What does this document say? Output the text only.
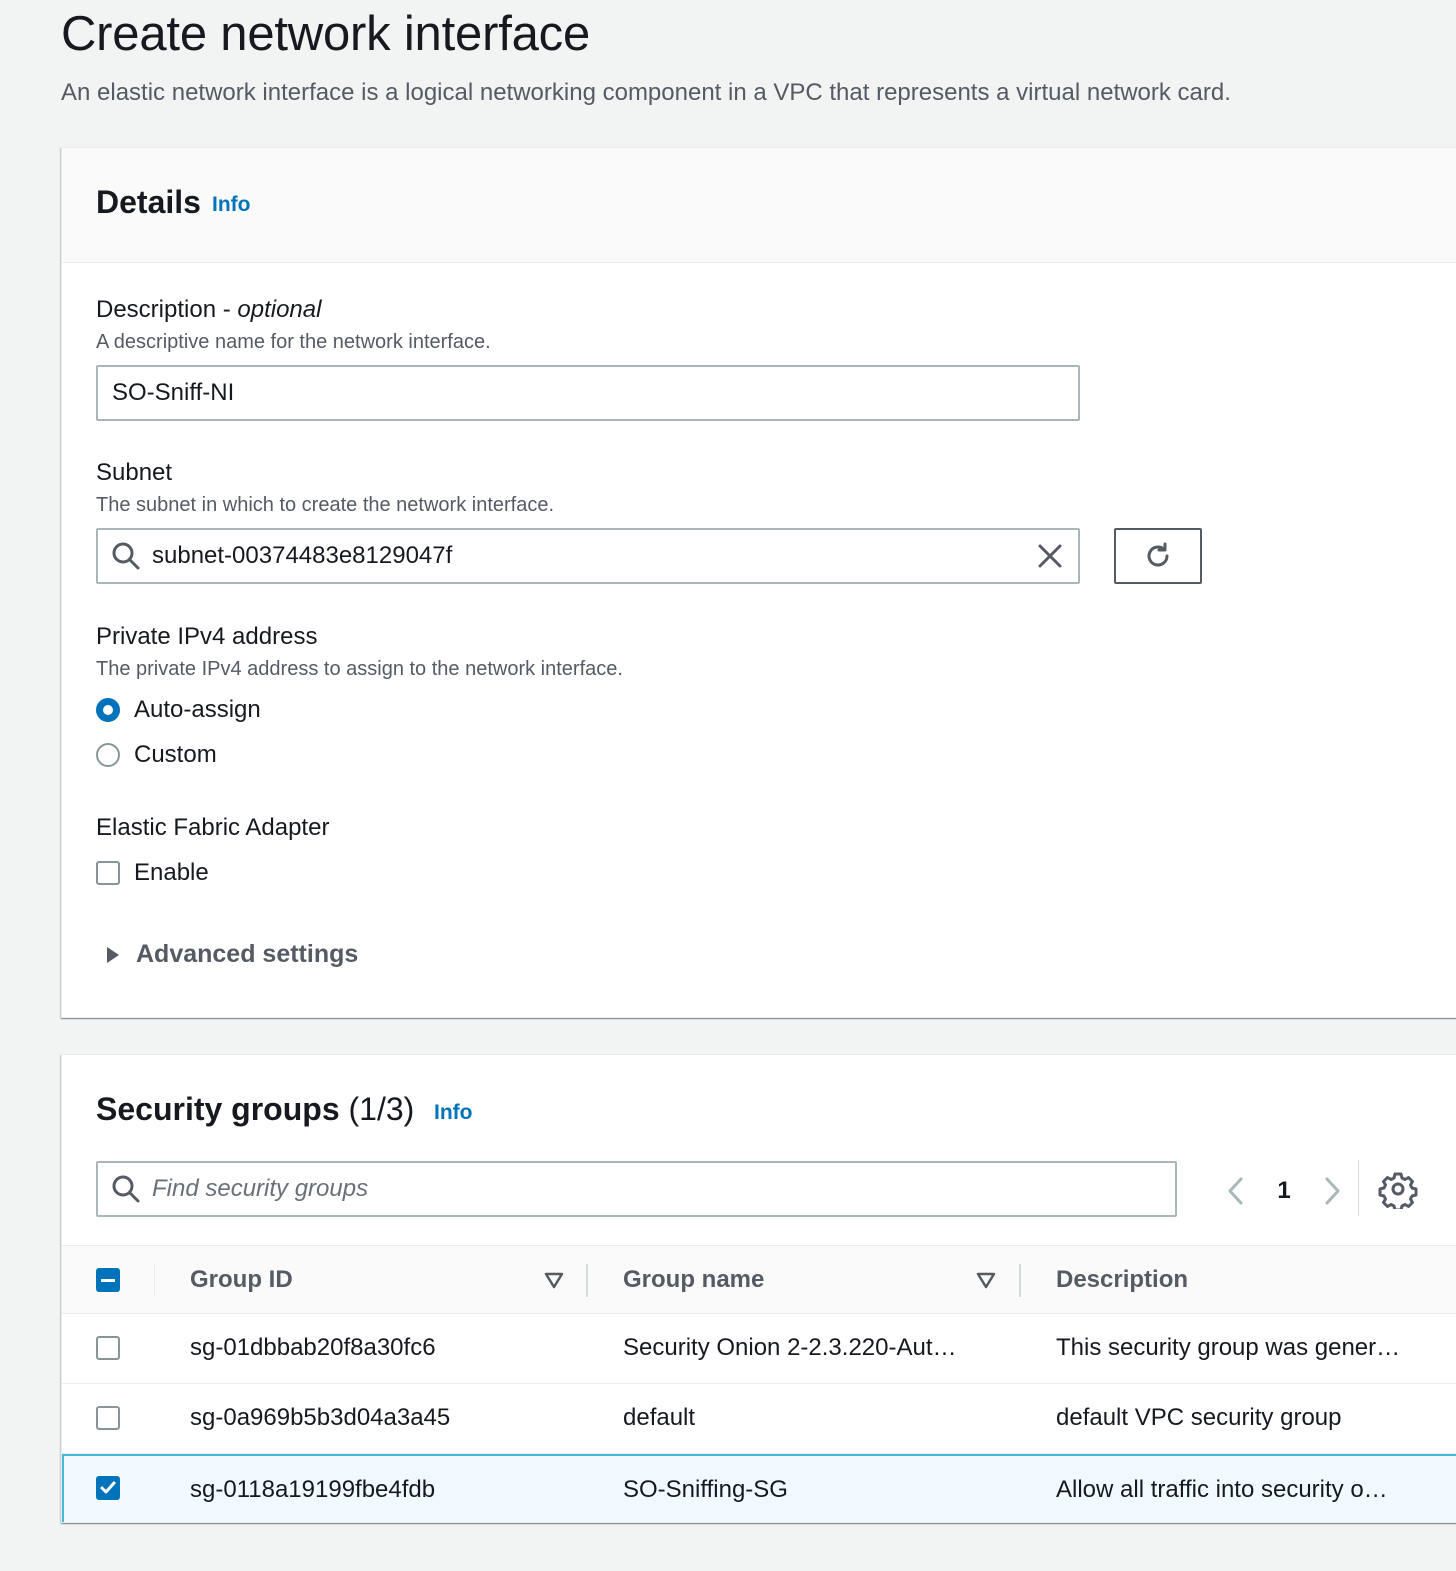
Create network interface
An elastic network interface is a logical networking component in a VPC that represents a virtual network card.
Details Info
Description - optional
A descriptive name for the network interface.
SO-Sniff-NI
Subnet
The subnet in which to create the network interface.
subnet-00374483e8129047f
Private IPv4 address
The private IPv4 address to assign to the network interface.
Auto-assign
Custom
Elastic Fabric Adapter
Enable
Advanced settings
Security groups (1/3) Info
Find security groups	1
Group ID	Group name	Description
sg-01dbbab20f8a30fc6	Security Onion 2-2.3.220-Aut…	This security group was gener…
sg-0a969b5b3d04a3a45	default	default VPC security group
sg-0118a19199fbe4fdb	SO-Sniffing-SG	Allow all traffic into security o…
